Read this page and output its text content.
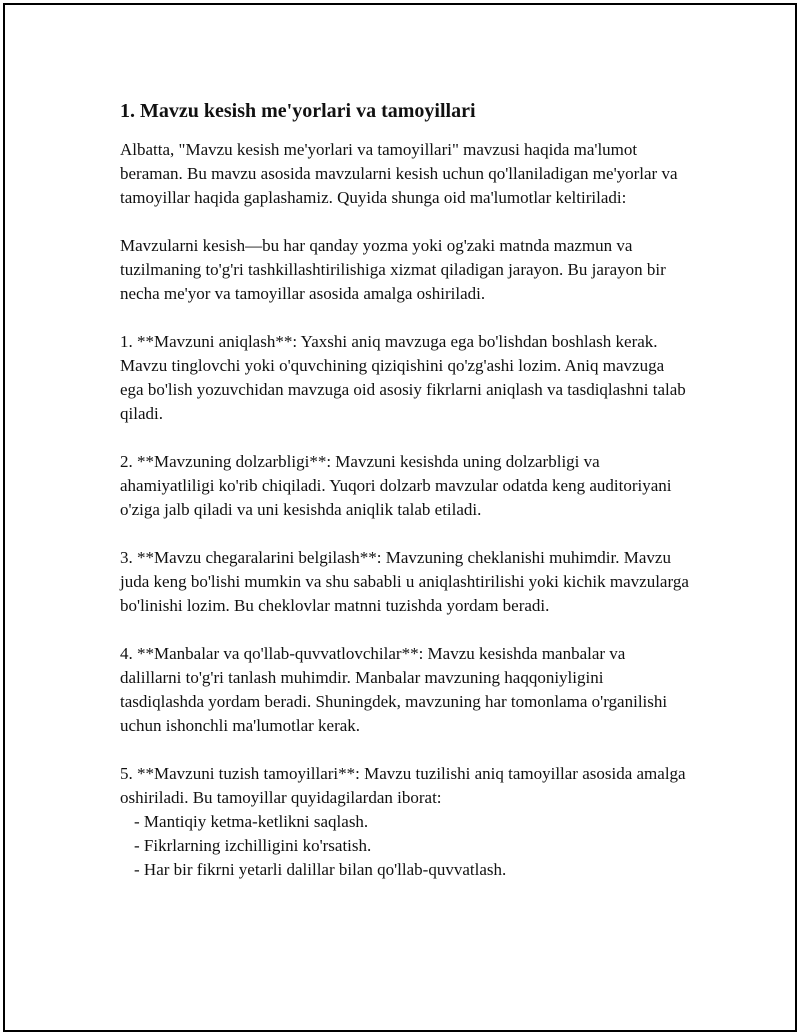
1. Mavzu kesish me'yorlari va tamoyillari

Albatta, "Mavzu kesish me'yorlari va tamoyillari" mavzusi haqida ma'lumot beraman. Bu mavzu asosida mavzularni kesish uchun qo'llaniladigan me'yorlar va tamoyillar haqida gaplashamiz. Quyida shunga oid ma'lumotlar keltiriladi:

Mavzularni kesish—bu har qanday yozma yoki og'zaki matnda mazmun va tuzilmaning to'g'ri tashkillashtirilishiga xizmat qiladigan jarayon. Bu jarayon bir necha me'yor va tamoyillar asosida amalga oshiriladi.

1. **Mavzuni aniqlash**: Yaxshi aniq mavzuga ega bo'lishdan boshlash kerak. Mavzu tinglovchi yoki o'quvchining qiziqishini qo'zg'ashi lozim. Aniq mavzuga ega bo'lish yozuvchidan mavzuga oid asosiy fikrlarni aniqlash va tasdiqlashni talab qiladi.

2. **Mavzuning dolzarbligi**: Mavzuni kesishda uning dolzarbligi va ahamiyatliligi ko'rib chiqiladi. Yuqori dolzarb mavzular odatda keng auditoriyani o'ziga jalb qiladi va uni kesishda aniqlik talab etiladi.

3. **Mavzu chegaralarini belgilash**: Mavzuning cheklanishi muhimdir. Mavzu juda keng bo'lishi mumkin va shu sababli u aniqlashtirilishi yoki kichik mavzularga bo'linishi lozim. Bu cheklovlar matnni tuzishda yordam beradi.

4. **Manbalar va qo'llab-quvvatlovchilar**: Mavzu kesishda manbalar va dalillarni to'g'ri tanlash muhimdir. Manbalar mavzuning haqqoniyligini tasdiqlashda yordam beradi. Shuningdek, mavzuning har tomonlama o'rganilishi uchun ishonchli ma'lumotlar kerak.

5. **Mavzuni tuzish tamoyillari**: Mavzu tuzilishi aniq tamoyillar asosida amalga oshiriladi. Bu tamoyillar quyidagilardan iborat:

- Mantiqiy ketma-ketlikni saqlash.
- Fikrlarning izchilligini ko'rsatish.
- Har bir fikrni yetarli dalillar bilan qo'llab-quvvatlash.
